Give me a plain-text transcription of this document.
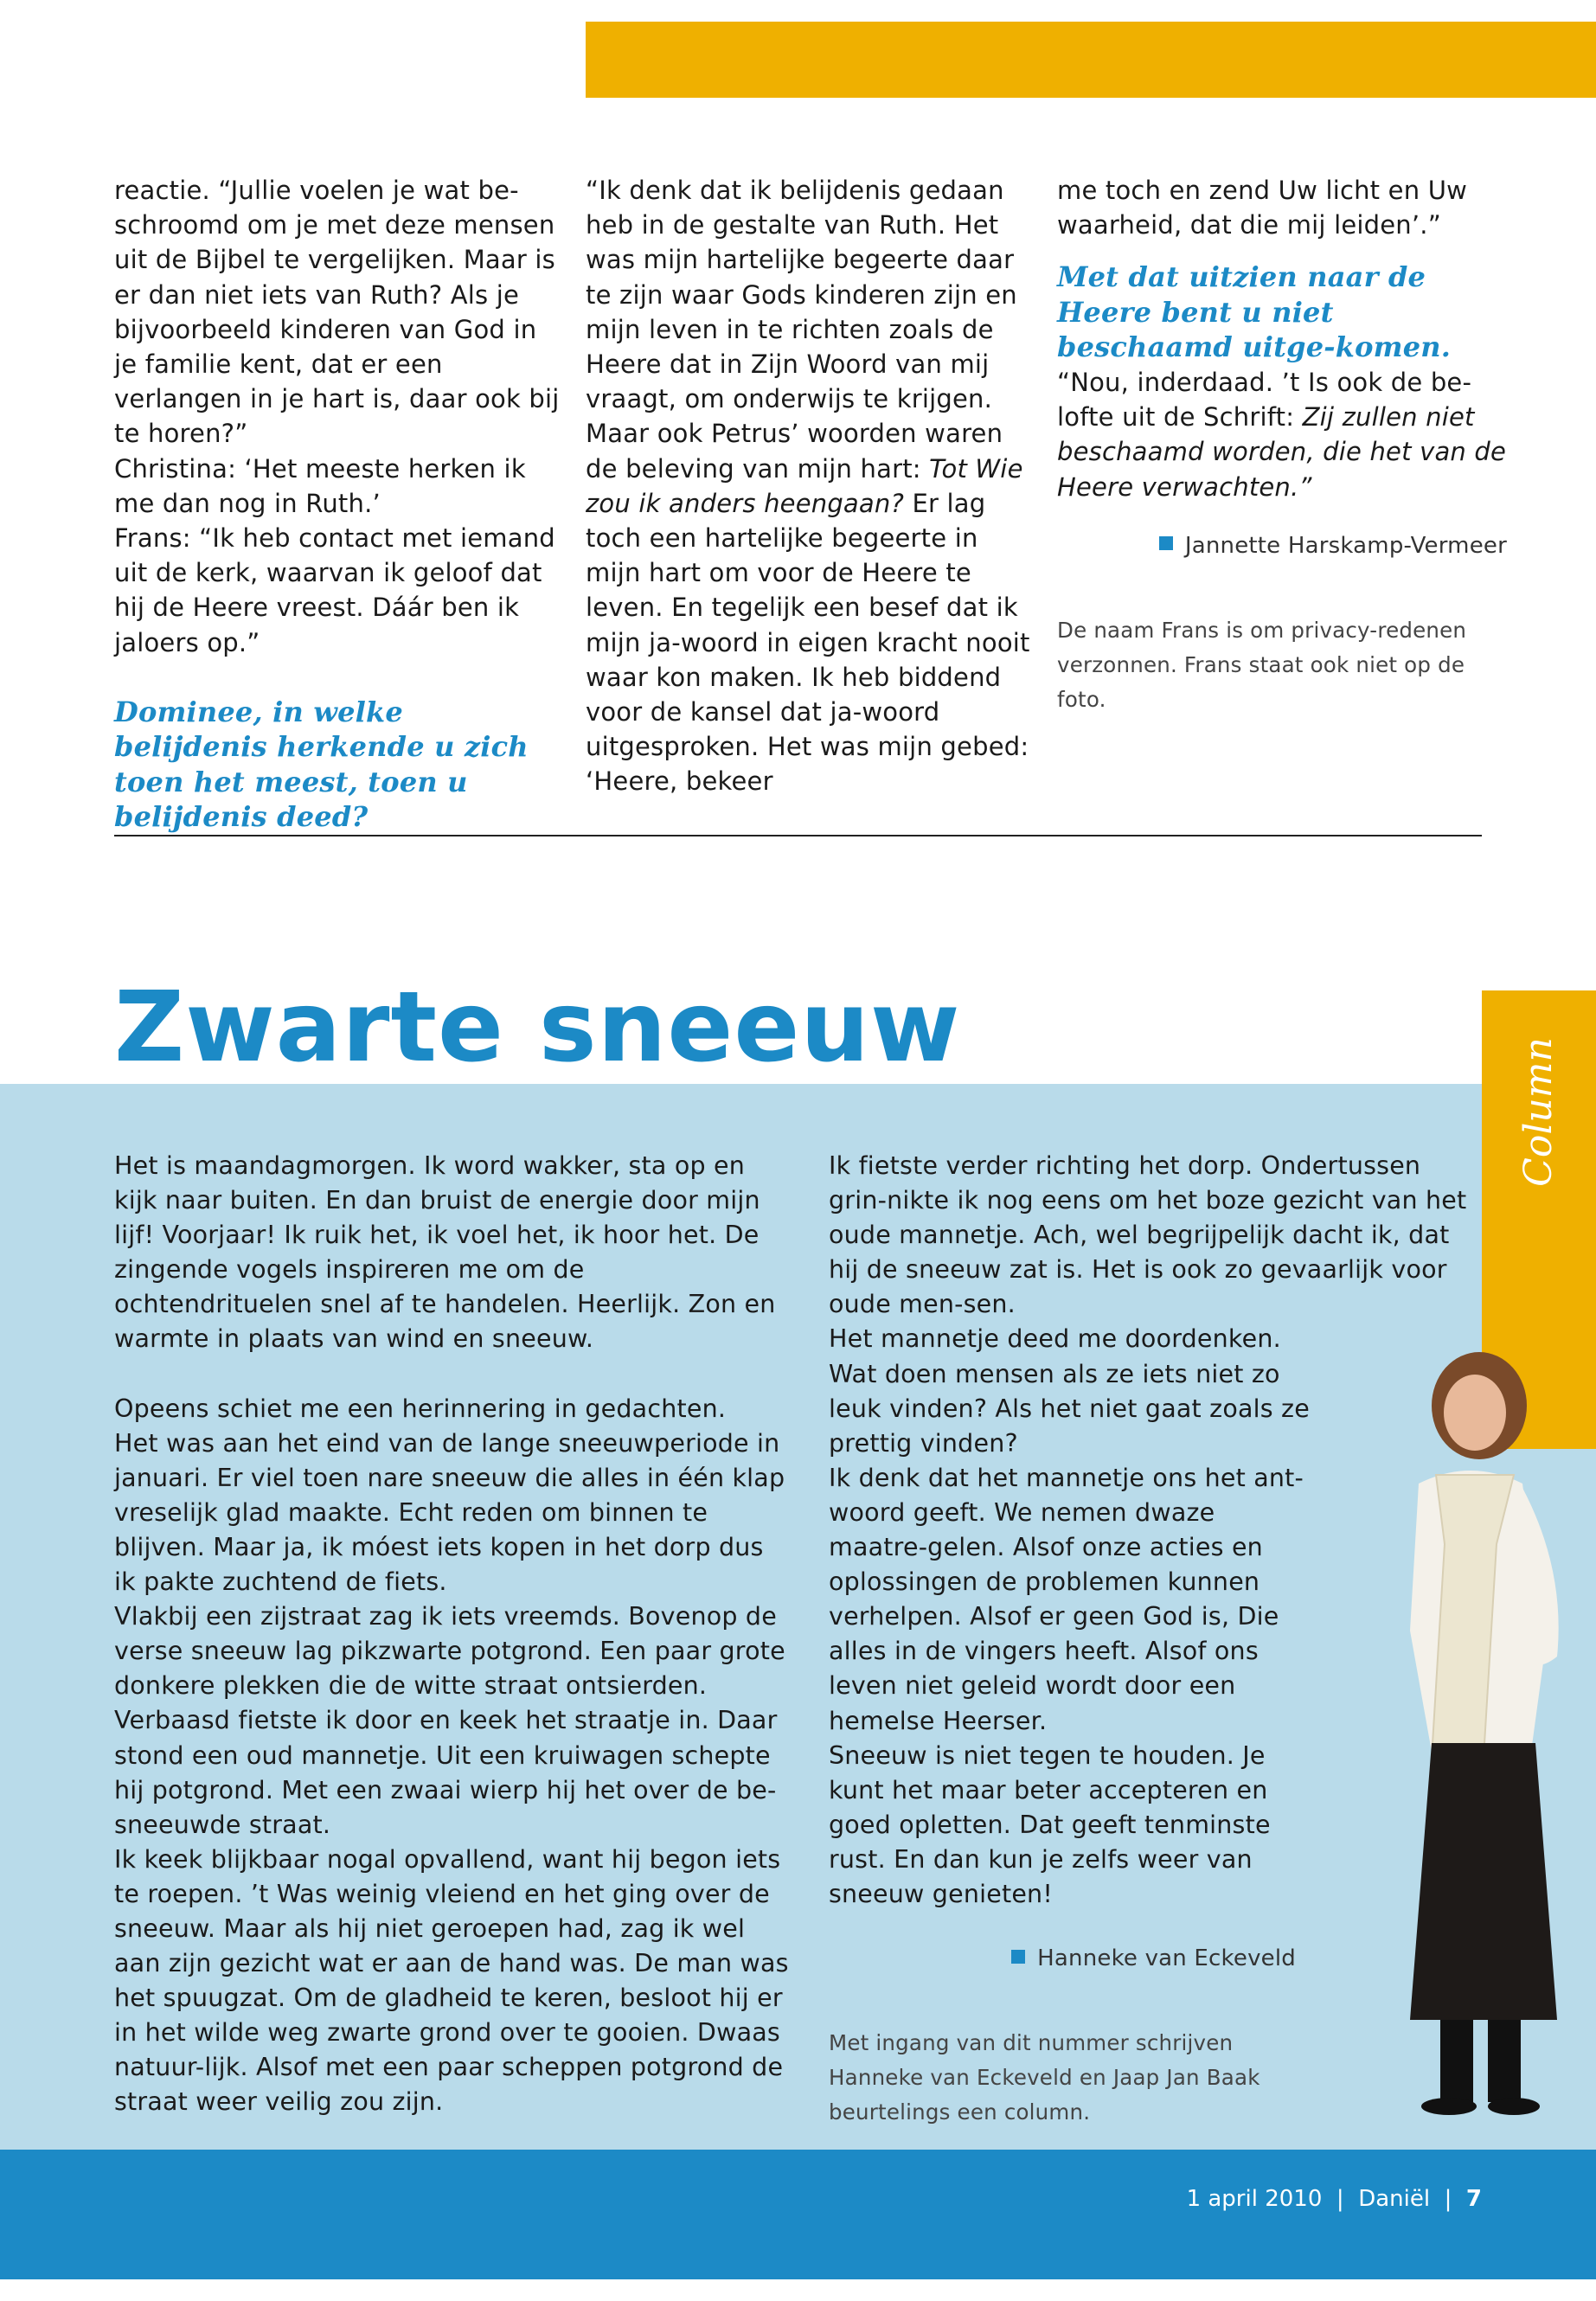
reactie. “Jullie voelen je wat be-schroomd om je met deze mensen uit de Bijbel te vergelijken. Maar is er dan niet iets van Ruth? Als je bijvoorbeeld kinderen van God in je familie kent, dat er een verlangen in je hart is, daar ook bij te horen?”

Christina: ‘Het meeste herken ik me dan nog in Ruth.’

Frans: “Ik heb contact met iemand uit de kerk, waarvan ik geloof dat hij de Heere vreest. Dáár ben ik jaloers op.”

Dominee, in welke belijdenis herkende u zich toen het meest, toen u belijdenis deed?

“Ik denk dat ik belijdenis gedaan heb in de gestalte van Ruth. Het was mijn hartelijke begeerte daar te zijn waar Gods kinderen zijn en mijn leven in te richten zoals de Heere dat in Zijn Woord van mij vraagt, om onderwijs te krijgen. Maar ook Petrus’ woorden waren de beleving van mijn hart: Tot Wie zou ik anders heengaan? Er lag toch een hartelijke begeerte in mijn hart om voor de Heere te leven. En tegelijk een besef dat ik mijn ja-woord in eigen kracht nooit waar kon maken. Ik heb biddend voor de kansel dat ja-woord uitgesproken. Het was mijn gebed: ‘Heere, bekeer

me toch en zend Uw licht en Uw waarheid, dat die mij leiden’.”

Met dat uitzien naar de Heere bent u niet beschaamd uitge-komen.

“Nou, inderdaad. ’t Is ook de be-lofte uit de Schrift: Zij zullen niet beschaamd worden, die het van de Heere verwachten.”

Jannette Harskamp-Vermeer

De naam Frans is om privacy-redenen verzonnen. Frans staat ook niet op de foto.

Zwarte sneeuw
Column

Het is maandagmorgen. Ik word wakker, sta op en kijk naar buiten. En dan bruist de energie door mijn lijf! Voorjaar! Ik ruik het, ik voel het, ik hoor het. De zingende vogels inspireren me om de ochtendrituelen snel af te handelen. Heerlijk. Zon en warmte in plaats van wind en sneeuw.

Opeens schiet me een herinnering in gedachten.

Het was aan het eind van de lange sneeuwperiode in januari. Er viel toen nare sneeuw die alles in één klap vreselijk glad maakte. Echt reden om binnen te blijven. Maar ja, ik móest iets kopen in het dorp dus ik pakte zuchtend de fiets.

Vlakbij een zijstraat zag ik iets vreemds. Bovenop de verse sneeuw lag pikzwarte potgrond. Een paar grote donkere plekken die de witte straat ontsierden.

Verbaasd fietste ik door en keek het straatje in. Daar stond een oud mannetje. Uit een kruiwagen schepte hij potgrond. Met een zwaai wierp hij het over de be-sneeuwde straat.

Ik keek blijkbaar nogal opvallend, want hij begon iets te roepen. ’t Was weinig vleiend en het ging over de sneeuw. Maar als hij niet geroepen had, zag ik wel aan zijn gezicht wat er aan de hand was. De man was het spuugzat. Om de gladheid te keren, besloot hij er in het wilde weg zwarte grond over te gooien. Dwaas natuur-lijk. Alsof met een paar scheppen potgrond de straat weer veilig zou zijn.

Ik fietste verder richting het dorp. Ondertussen grin-nikte ik nog eens om het boze gezicht van het oude mannetje. Ach, wel begrijpelijk dacht ik, dat hij de sneeuw zat is. Het is ook zo gevaarlijk voor oude men-sen.

Het mannetje deed me doordenken. Wat doen mensen als ze iets niet zo leuk vinden? Als het niet gaat zoals ze prettig vinden?

Ik denk dat het mannetje ons het ant-woord geeft. We nemen dwaze maatre-gelen. Alsof onze acties en oplossingen de problemen kunnen verhelpen. Alsof er geen God is, Die alles in de vingers heeft. Alsof ons leven niet geleid wordt door een hemelse Heerser.

Sneeuw is niet tegen te houden. Je kunt het maar beter accepteren en goed opletten. Dat geeft tenminste rust. En dan kun je zelfs weer van sneeuw genieten!

Hanneke van Eckeveld

Met ingang van dit nummer schrijven Hanneke van Eckeveld en Jaap Jan Baak beurtelings een column.

1 april 2010  |  Daniël  |  7
